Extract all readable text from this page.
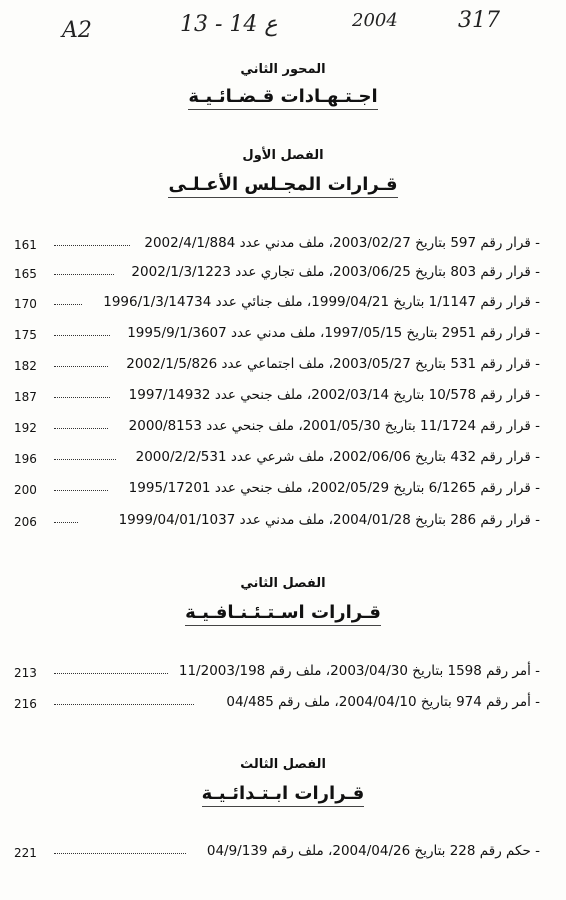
A2	13 - 14 ع	2004	317
المحور الثاني
اجـتـهـادات قـضـائـيـة
الفصل الأول
قـرارات المجـلس الأعـلـى
161	- قرار رقم 597 بتاريخ 2003/02/27، ملف مدني عدد 2002/4/1/884
165	- قرار رقم 803 بتاريخ 2003/06/25، ملف تجاري عدد 2002/1/3/1223
170	- قرار رقم 1/1147 بتاريخ 1999/04/21، ملف جنائي عدد 1996/1/3/14734
175	- قرار رقم 2951 بتاريخ 1997/05/15، ملف مدني عدد 1995/9/1/3607
182	- قرار رقم 531 بتاريخ 2003/05/27، ملف اجتماعي عدد 2002/1/5/826
187	- قرار رقم 10/578 بتاريخ 2002/03/14، ملف جنحي عدد 1997/14932
192	- قرار رقم 11/1724 بتاريخ 2001/05/30، ملف جنحي عدد 2000/8153
196	- قرار رقم 432 بتاريخ 2002/06/06، ملف شرعي عدد 2000/2/2/531
200	- قرار رقم 6/1265 بتاريخ 2002/05/29، ملف جنحي عدد 1995/17201
206	- قرار رقم 286 بتاريخ 2004/01/28، ملف مدني عدد 1999/04/01/1037
الفصل الثاني
قـرارات اسـتـئـنـافـيـة
213	- أمر رقم 1598 بتاريخ 2003/04/30، ملف رقم 11/2003/198
216	- أمر رقم 974 بتاريخ 2004/04/10، ملف رقم 04/485
الفصل الثالث
قـرارات ابـتـدائـيـة
221	- حكم رقم 228 بتاريخ 2004/04/26، ملف رقم 04/9/139
